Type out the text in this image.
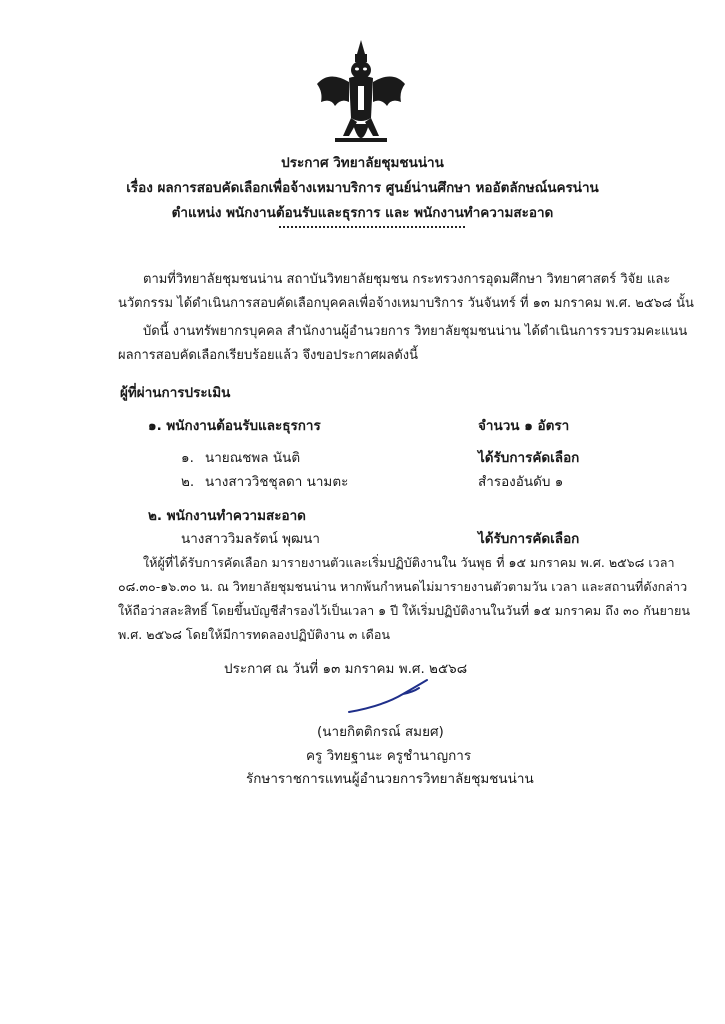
ประกาศ วิทยาลัยชุมชนน่าน
เรื่อง ผลการสอบคัดเลือกเพื่อจ้างเหมาบริการ ศูนย์น่านศึกษา หออัตลักษณ์นครน่าน
ตำแหน่ง พนักงานต้อนรับและธุรการ และ พนักงานทำความสะอาด
ตามที่วิทยาลัยชุมชนน่าน สถาบันวิทยาลัยชุมชน กระทรวงการอุดมศึกษา วิทยาศาสตร์ วิจัย และ
นวัตกรรม ได้ดำเนินการสอบคัดเลือกบุคคลเพื่อจ้างเหมาบริการ วันจันทร์ ที่ ๑๓ มกราคม พ.ศ. ๒๕๖๘ นั้น
บัดนี้ งานทรัพยากรบุคคล สำนักงานผู้อำนวยการ วิทยาลัยชุมชนน่าน ได้ดำเนินการรวบรวมคะแนน
ผลการสอบคัดเลือกเรียบร้อยแล้ว จึงขอประกาศผลดังนี้
ผู้ที่ผ่านการประเมิน
๑. พนักงานต้อนรับและธุรการ	จำนวน ๑ อัตรา
๑. นายณชพล นันติ	ได้รับการคัดเลือก
๒. นางสาววิชชุลดา นามตะ	สำรองอันดับ ๑
๒. พนักงานทำความสะอาด
นางสาววิมลรัตน์ พุฒนา	ได้รับการคัดเลือก
ให้ผู้ที่ได้รับการคัดเลือก มารายงานตัวและเริ่มปฏิบัติงานใน วันพุธ ที่ ๑๕ มกราคม พ.ศ. ๒๕๖๘ เวลา
๐๘.๓๐-๑๖.๓๐ น. ณ วิทยาลัยชุมชนน่าน หากพ้นกำหนดไม่มารายงานตัวตามวัน เวลา และสถานที่ดังกล่าว
ให้ถือว่าสละสิทธิ์ โดยขึ้นบัญชีสำรองไว้เป็นเวลา ๑ ปี ให้เริ่มปฏิบัติงานในวันที่ ๑๕ มกราคม ถึง ๓๐ กันยายน
พ.ศ. ๒๕๖๘ โดยให้มีการทดลองปฏิบัติงาน ๓ เดือน
ประกาศ ณ วันที่ ๑๓ มกราคม พ.ศ. ๒๕๖๘
(นายกิตติกรณ์ สมยศ)
ครู วิทยฐานะ ครูชำนาญการ
รักษาราชการแทนผู้อำนวยการวิทยาลัยชุมชนน่าน
